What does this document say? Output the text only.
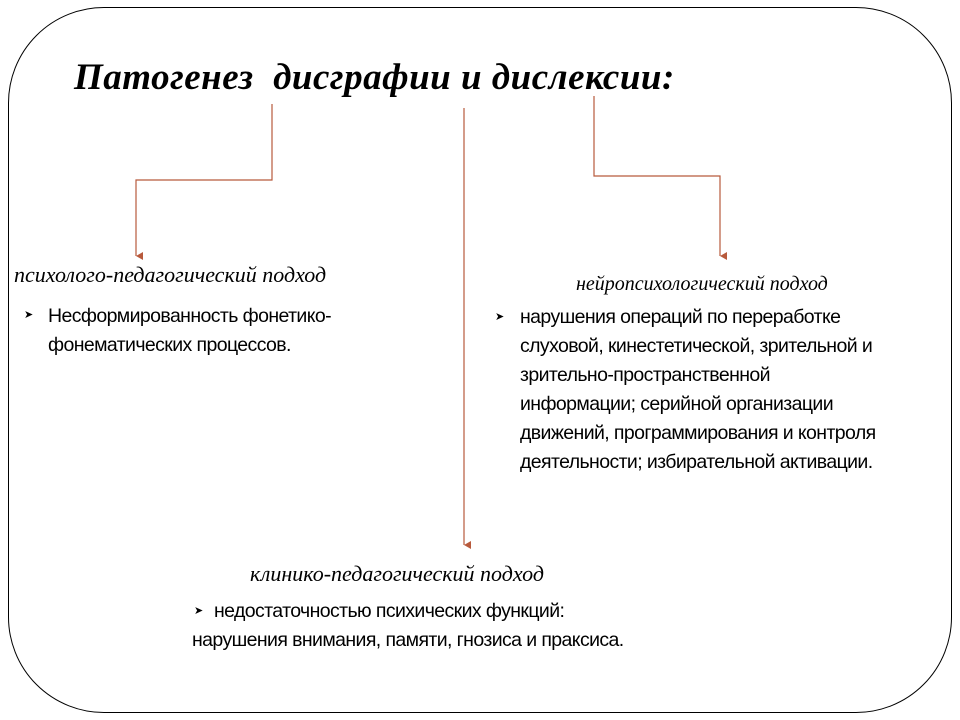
Патогенез  дисграфии и дислексии:
психолого-педагогический подход
➤ Несформированность фонетико-
фонематических процессов.
нейропсихологический подход
➤ нарушения операций по переработке
слуховой, кинестетической, зрительной и
зрительно-пространственной
информации; серийной организации
движений, программирования и контроля
деятельности; избирательной активации.
клинико-педагогический подход
➤ недостаточностью психических функций:
нарушения внимания, памяти, гнозиса и праксиса.
